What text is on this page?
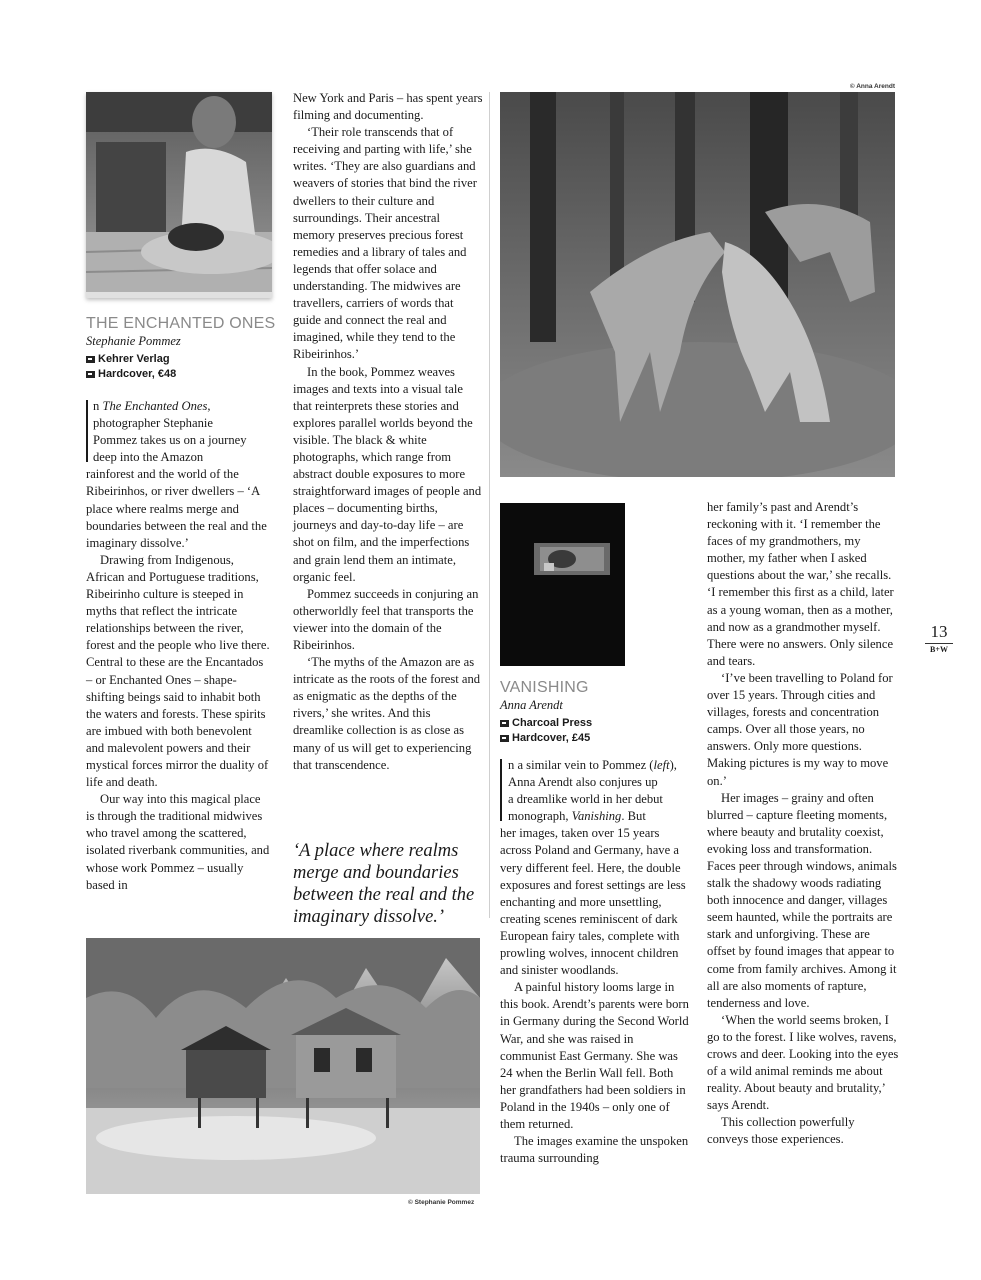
© Anna Arendt
THE ENCHANTED ONES
Stephanie Pommez
Kehrer Verlag
Hardcover, €48
n The Enchanted Ones,
photographer Stephanie
Pommez takes us on a journey
deep into the Amazon

rainforest and the world of the Ribeirinhos, or river dwellers – ‘A place where realms merge and boundaries between the real and the imaginary dissolve.’

Drawing from Indigenous, African and Portuguese traditions, Ribeirinho culture is steeped in myths that reflect the intricate relationships between the river, forest and the people who live there. Central to these are the Encantados – or Enchanted Ones – shape-shifting beings said to inhabit both the waters and forests. These spirits are imbued with both benevolent and malevolent powers and their mystical forces mirror the duality of life and death.

Our way into this magical place is through the traditional midwives who travel among the scattered, isolated riverbank communities, and whose work Pommez – usually based in

New York and Paris – has spent years filming and documenting.

‘Their role transcends that of receiving and parting with life,’ she writes. ‘They are also guardians and weavers of stories that bind the river dwellers to their culture and surroundings. Their ancestral memory preserves precious forest remedies and a library of tales and legends that offer solace and understanding. The midwives are travellers, carriers of words that guide and connect the real and imagined, while they tend to the Ribeirinhos.’

In the book, Pommez weaves images and texts into a visual tale that reinterprets these stories and explores parallel worlds beyond the visible. The black & white photographs, which range from abstract double exposures to more straightforward images of people and places – documenting births, journeys and day-to-day life – are shot on film, and the imperfections and grain lend them an intimate, organic feel.

Pommez succeeds in conjuring an otherworldly feel that transports the viewer into the domain of the Ribeirinhos.

‘The myths of the Amazon are as intricate as the roots of the forest and as enigmatic as the depths of the rivers,’ she writes. And this dreamlike collection is as close as many of us will get to experiencing that transcendence.

‘A place where realms merge and boundaries between the real and the imaginary dissolve.’
VANISHING
Anna Arendt
Charcoal Press
Hardcover, £45
n a similar vein to Pommez (left),
Anna Arendt also conjures up
a dreamlike world in her debut
monograph, Vanishing. But

her images, taken over 15 years across Poland and Germany, have a very different feel. Here, the double exposures and forest settings are less enchanting and more unsettling, creating scenes reminiscent of dark European fairy tales, complete with prowling wolves, innocent children and sinister woodlands.

A painful history looms large in this book. Arendt’s parents were born in Germany during the Second World War, and she was raised in communist East Germany. She was 24 when the Berlin Wall fell. Both her grandfathers had been soldiers in Poland in the 1940s – only one of them returned.

The images examine the unspoken trauma surrounding

her family’s past and Arendt’s reckoning with it. ‘I remember the faces of my grandmothers, my mother, my father when I asked questions about the war,’ she recalls. ‘I remember this first as a child, later as a young woman, then as a mother, and now as a grandmother myself. There were no answers. Only silence and tears.

‘I’ve been travelling to Poland for over 15 years. Through cities and villages, forests and concentration camps. Over all those years, no answers. Only more questions. Making pictures is my way to move on.’

Her images – grainy and often blurred – capture fleeting moments, where beauty and brutality coexist, evoking loss and transformation. Faces peer through windows, animals stalk the shadowy woods radiating both innocence and danger, villages seem haunted, while the portraits are stark and unforgiving. These are offset by found images that appear to come from family archives. Among it all are also moments of rapture, tenderness and love.

‘When the world seems broken, I go to the forest. I like wolves, ravens, crows and deer. Looking into the eyes of a wild animal reminds me about reality. About beauty and brutality,’ says Arendt.

This collection powerfully conveys those experiences.

© Stephanie Pommez
13
B+W
